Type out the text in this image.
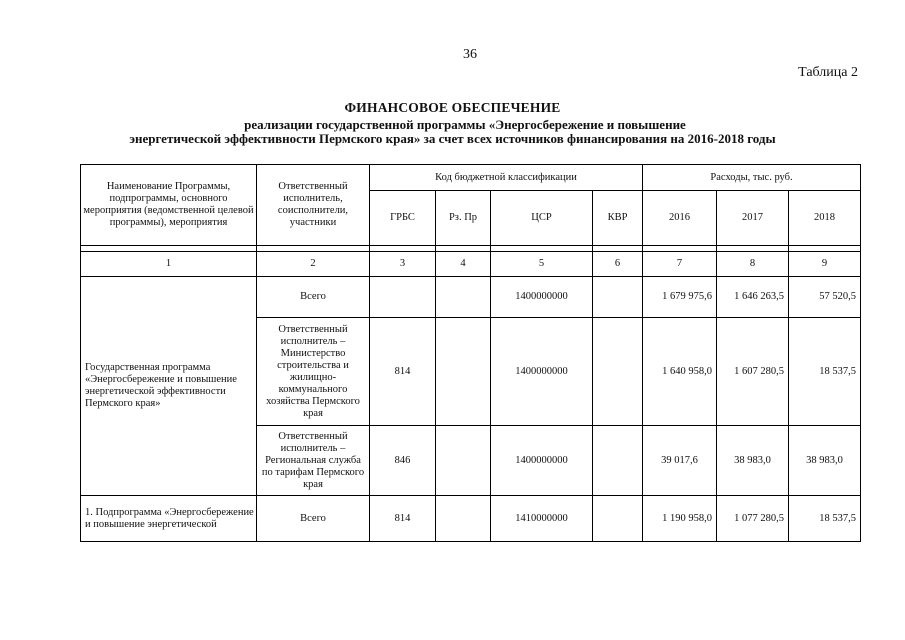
36
Таблица 2
ФИНАНСОВОЕ ОБЕСПЕЧЕНИЕ
реализации государственной программы «Энергосбережение и повышение
энергетической эффективности Пермского края» за счет всех источников финансирования на 2016-2018 годы
Наименование Программы, подпрограммы, основного мероприятия (ведомственной целевой программы), мероприятия	Ответственный исполнитель, соисполнители, участники	Код бюджетной классификации				Расходы, тыс. руб.		
		ГРБС	Рз. Пр	ЦСР	КВР	2016	2017	2018

1	2	3	4	5	6	7	8	9
Государственная программа «Энергосбережение и повышение энергетической эффективности Пермского края»	Всего			1400000000		1 679 975,6	1 646 263,5	57 520,5
	Ответственный исполнитель – Министерство строительства и жилищно-коммунального хозяйства Пермского края	814		1400000000		1 640 958,0	1 607 280,5	18 537,5
	Ответственный исполнитель – Региональная служба по тарифам Пермского края	846		1400000000		39 017,6	38 983,0	38 983,0
1. Подпрограмма «Энергосбережение и повышение энергетической	Всего	814		1410000000		1 190 958,0	1 077 280,5	18 537,5
